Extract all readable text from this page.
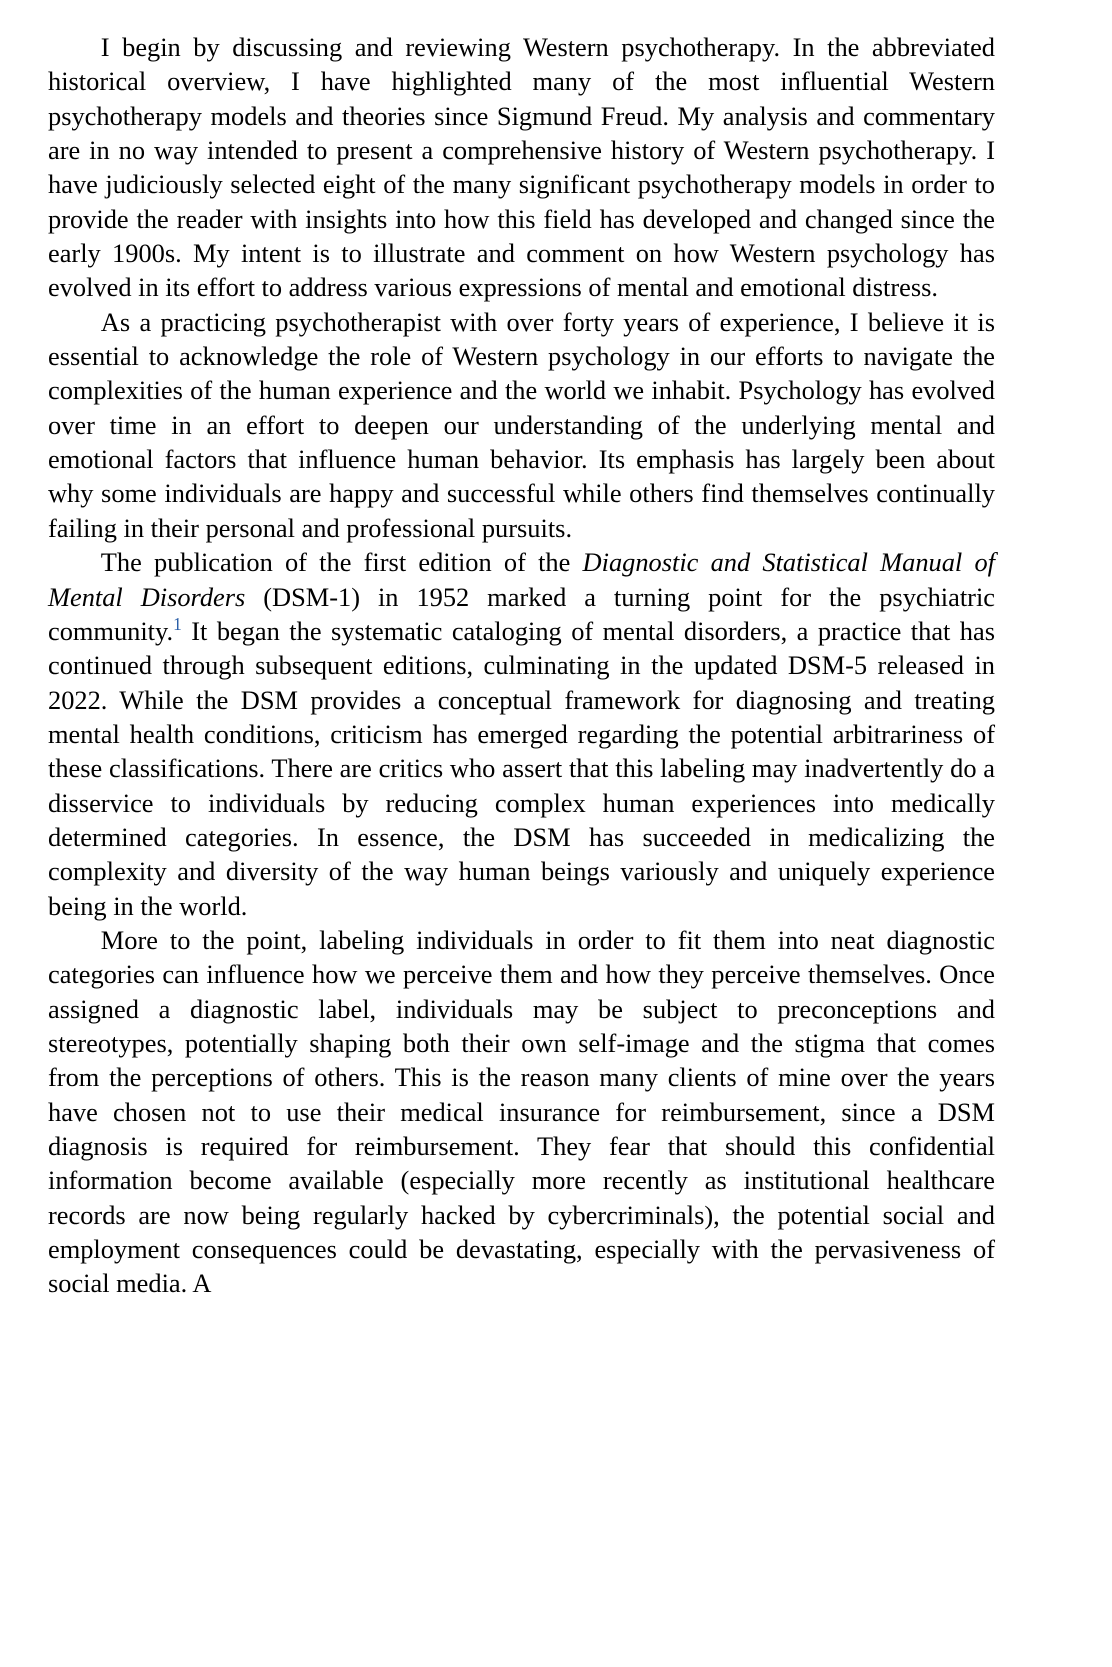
I begin by discussing and reviewing Western psychotherapy. In the abbreviated historical overview, I have highlighted many of the most influential Western psychotherapy models and theories since Sigmund Freud. My analysis and commentary are in no way intended to present a comprehensive history of Western psychotherapy. I have judiciously selected eight of the many significant psychotherapy models in order to provide the reader with insights into how this field has developed and changed since the early 1900s. My intent is to illustrate and comment on how Western psychology has evolved in its effort to address various expressions of mental and emotional distress.

As a practicing psychotherapist with over forty years of experience, I believe it is essential to acknowledge the role of Western psychology in our efforts to navigate the complexities of the human experience and the world we inhabit. Psychology has evolved over time in an effort to deepen our understanding of the underlying mental and emotional factors that influence human behavior. Its emphasis has largely been about why some individuals are happy and successful while others find themselves continually failing in their personal and professional pursuits.

The publication of the first edition of the Diagnostic and Statistical Manual of Mental Disorders (DSM-1) in 1952 marked a turning point for the psychiatric community.$^1$ It began the systematic cataloging of mental disorders, a practice that has continued through subsequent editions, culminating in the updated DSM-5 released in 2022. While the DSM provides a conceptual framework for diagnosing and treating mental health conditions, criticism has emerged regarding the potential arbitrariness of these classifications. There are critics who assert that this labeling may inadvertently do a disservice to individuals by reducing complex human experiences into medically determined categories. In essence, the DSM has succeeded in medicalizing the complexity and diversity of the way human beings variously and uniquely experience being in the world.

More to the point, labeling individuals in order to fit them into neat diagnostic categories can influence how we perceive them and how they perceive themselves. Once assigned a diagnostic label, individuals may be subject to preconceptions and stereotypes, potentially shaping both their own self-image and the stigma that comes from the perceptions of others. This is the reason many clients of mine over the years have chosen not to use their medical insurance for reimbursement, since a DSM diagnosis is required for reimbursement. They fear that should this confidential information become available (especially more recently as institutional healthcare records are now being regularly hacked by cybercriminals), the potential social and employment consequences could be devastating, especially with the pervasiveness of social media. A
